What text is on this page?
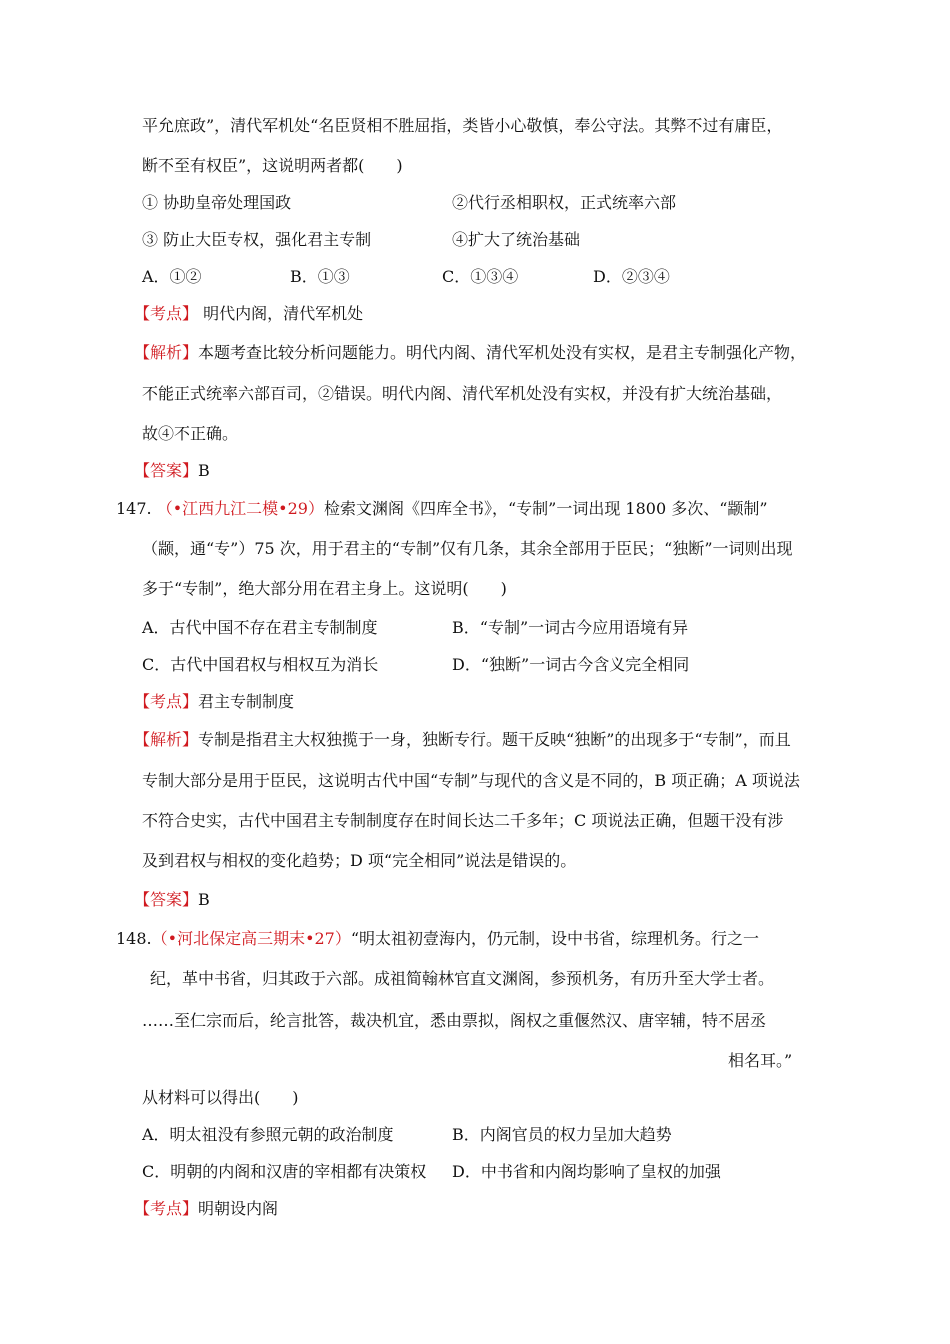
平允庶政”，清代军机处“名臣贤相不胜屈指，类皆小心敬慎，奉公守法。其弊不过有庸臣，
断不至有权臣”，这说明两者都(　　)
① 协助皇帝处理国政	②代行丞相职权，正式统率六部
③ 防止大臣专权，强化君主专制	④扩大了统治基础
A．①②	B．①③	C．①③④	D．②③④
【考点】 明代内阁，清代军机处
【解析】本题考查比较分析问题能力。明代内阁、清代军机处没有实权，是君主专制强化产物，
不能正式统率六部百司，②错误。明代内阁、清代军机处没有实权，并没有扩大统治基础，
故④不正确。
【答案】B
147. （•江西九江二模•29）检索文渊阁《四库全书》，“专制”一词出现 1800 多次、“颛制”
（颛，通“专”）75 次，用于君主的“专制”仅有几条，其余全部用于臣民；“独断”一词则出现
多于“专制”，绝大部分用在君主身上。这说明(　　)
A．古代中国不存在君主专制制度	B．“专制”一词古今应用语境有异
C．古代中国君权与相权互为消长	D．“独断”一词古今含义完全相同
【考点】君主专制制度
【解析】专制是指君主大权独揽于一身，独断专行。题干反映“独断”的出现多于“专制”，而且
专制大部分是用于臣民，这说明古代中国“专制”与现代的含义是不同的，B 项正确；A 项说法
不符合史实，古代中国君主专制制度存在时间长达二千多年；C 项说法正确，但题干没有涉
及到君权与相权的变化趋势；D 项“完全相同”说法是错误的。
【答案】B
148.（•河北保定高三期末•27）“明太祖初壹海内，仍元制，设中书省，综理机务。行之一
纪，革中书省，归其政于六部。成祖简翰林官直文渊阁，参预机务，有历升至大学士者。
……至仁宗而后，纶言批答，裁决机宜，悉由票拟，阁权之重偃然汉、唐宰辅，特不居丞
相名耳。”
从材料可以得出(　　)
A．明太祖没有参照元朝的政治制度	B．内阁官员的权力呈加大趋势
C．明朝的内阁和汉唐的宰相都有决策权 D．中书省和内阁均影响了皇权的加强
【考点】明朝设内阁
